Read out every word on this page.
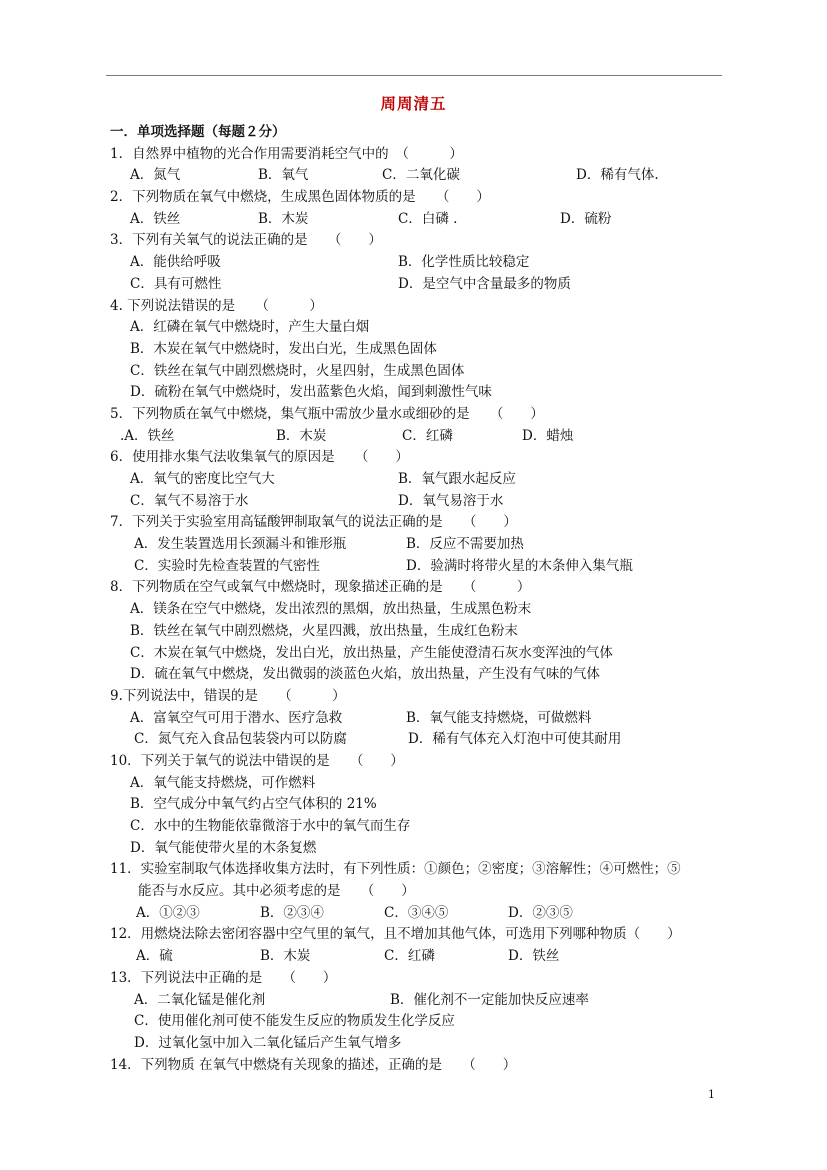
周周清五
一．单项选择题（每题２分）
1．自然界中植物的光合作用需要消耗空气中的　（　　　）
A．氮气	B．氧气	C．二氧化碳	D．稀有气体.
2．下列物质在氧气中燃烧，生成黑色固体物质的是　　（　　）
A．铁丝	B．木炭	C．白磷 .	D．硫粉
3．下列有关氧气的说法正确的是　　（　　）
A．能供给呼吸	B．化学性质比较稳定
C．具有可燃性	D．是空气中含量最多的物质
4. 下列说法错误的是　　（　　　）
A．红磷在氧气中燃烧时，产生大量白烟
B．木炭在氧气中燃烧时，发出白光，生成黑色固体
C．铁丝在氧气中剧烈燃烧时，火星四射，生成黑色固体
D．硫粉在氧气中燃烧时，发出蓝紫色火焰，闻到刺激性气味
5．下列物质在氧气中燃烧，集气瓶中需放少量水或细砂的是　　（　　）
.A．铁丝	B．木炭	C．红磷	D．蜡烛
6．使用排水集气法收集氧气的原因是　　（　　）
A．氧气的密度比空气大	B．氧气跟水起反应
C．氧气不易溶于水	D．氧气易溶于水
7．下列关于实验室用高锰酸钾制取氧气的说法正确的是　　（　　）
A．发生装置选用长颈漏斗和锥形瓶	B．反应不需要加热
C．实验时先检查装置的气密性	D．验满时将带火星的木条伸入集气瓶
8．下列物质在空气或氧气中燃烧时，现象描述正确的是　　（　　　）
A．镁条在空气中燃烧，发出浓烈的黑烟，放出热量，生成黑色粉末
B．铁丝在氧气中剧烈燃烧，火星四溅，放出热量，生成红色粉末
C．木炭在氧气中燃烧，发出白光，放出热量，产生能使澄清石灰水变浑浊的气体
D．硫在氧气中燃烧，发出微弱的淡蓝色火焰，放出热量，产生没有气味的气体
9.下列说法中，错误的是　　（　　　）
A．富氧空气可用于潜水、医疗急救	B．氧气能支持燃烧，可做燃料
C．氮气充入食品包装袋内可以防腐	D．稀有气体充入灯泡中可使其耐用
10．下列关于氧气的说法中错误的是　　（　　）
A．氧气能支持燃烧，可作燃料
B．空气成分中氧气约占空气体积的 21%
C．水中的生物能依靠微溶于水中的氧气而生存
D．氧气能使带火星的木条复燃
11．实验室制取气体选择收集方法时，有下列性质：①颜色；②密度；③溶解性；④可燃性；⑤
能否与水反应。其中必须考虑的是　　（　　）
A．①②③	B．②③④	C．③④⑤	D．②③⑤
12．用燃烧法除去密闭容器中空气里的氧气，且不增加其他气体，可选用下列哪种物质（　　）
A．硫	B．木炭	C．红磷	D．铁丝
13．下列说法中正确的是　　（　　）
A．二氧化锰是催化剂	B．催化剂不一定能加快反应速率
C．使用催化剂可使不能发生反应的物质发生化学反应
D．过氧化氢中加入二氧化锰后产生氧气增多
14．下列物质 在氧气中燃烧有关现象的描述，正确的是　　（　　）
1
